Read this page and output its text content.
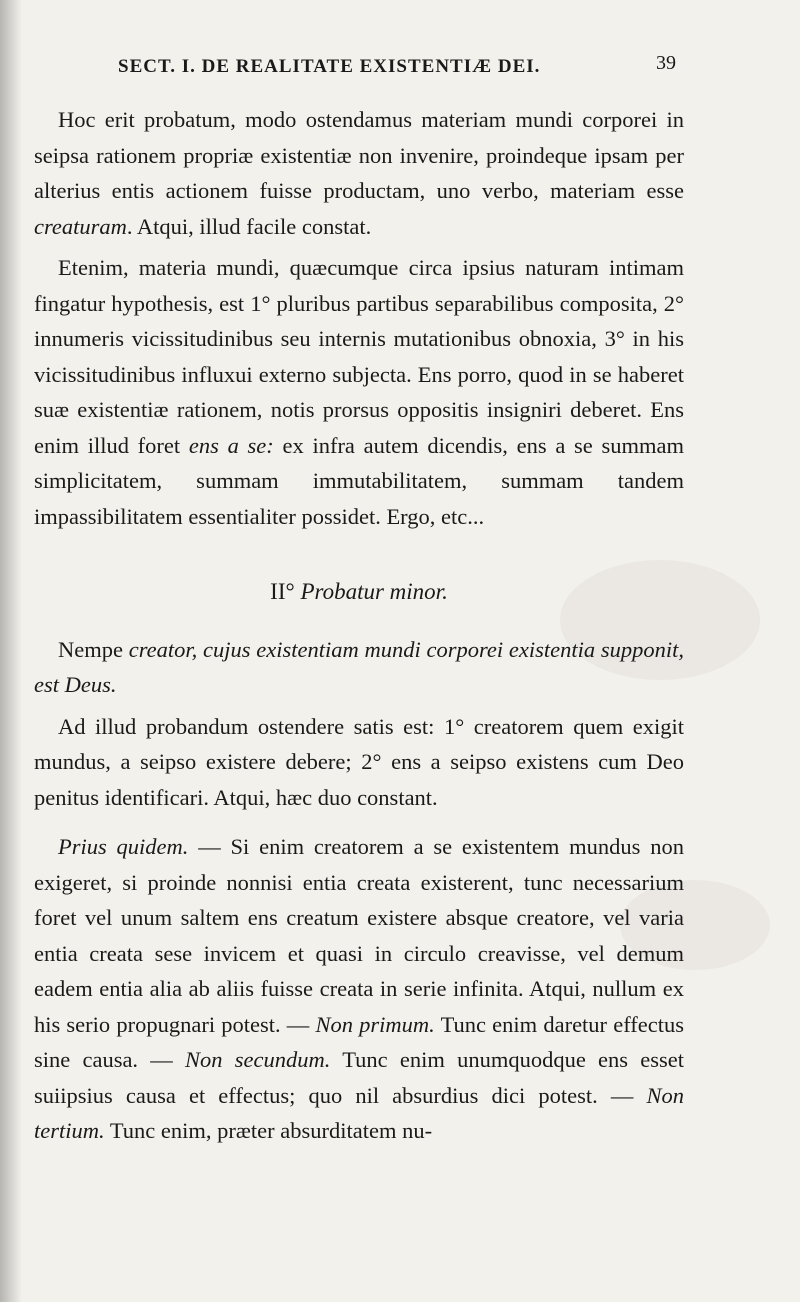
SECT. I. DE REALITATE EXISTENTIÆ DEI.	39

Hoc erit probatum, modo ostendamus materiam mundi corporei in seipsa rationem propriæ existentiæ non invenire, proindeque ipsam per alterius entis actionem fuisse productam, uno verbo, materiam esse creaturam. Atqui, illud facile constat.

Etenim, materia mundi, quæcumque circa ipsius naturam intimam fingatur hypothesis, est 1° pluribus partibus separabilibus composita, 2° innumeris vicissitudinibus seu internis mutationibus obnoxia, 3° in his vicissitudinibus influxui externo subjecta. Ens porro, quod in se haberet suæ existentiæ rationem, notis prorsus oppositis insigniri deberet. Ens enim illud foret ens a se: ex infra autem dicendis, ens a se summam simplicitatem, summam immutabilitatem, summam tandem impassibilitatem essentialiter possidet. Ergo, etc...

II° Probatur minor.

Nempe creator, cujus existentiam mundi corporei existentia supponit, est Deus.

Ad illud probandum ostendere satis est: 1° creatorem quem exigit mundus, a seipso existere debere; 2° ens a seipso existens cum Deo penitus identificari. Atqui, hæc duo constant.

Prius quidem. — Si enim creatorem a se existentem mundus non exigeret, si proinde nonnisi entia creata existerent, tunc necessarium foret vel unum saltem ens creatum existere absque creatore, vel varia entia creata sese invicem et quasi in circulo creavisse, vel demum eadem entia alia ab aliis fuisse creata in serie infinita. Atqui, nullum ex his serio propugnari potest. — Non primum. Tunc enim daretur effectus sine causa. — Non secundum. Tunc enim unumquodque ens esset suiipsius causa et effectus; quo nil absurdius dici potest. — Non tertium. Tunc enim, præter absurditatem nu-
